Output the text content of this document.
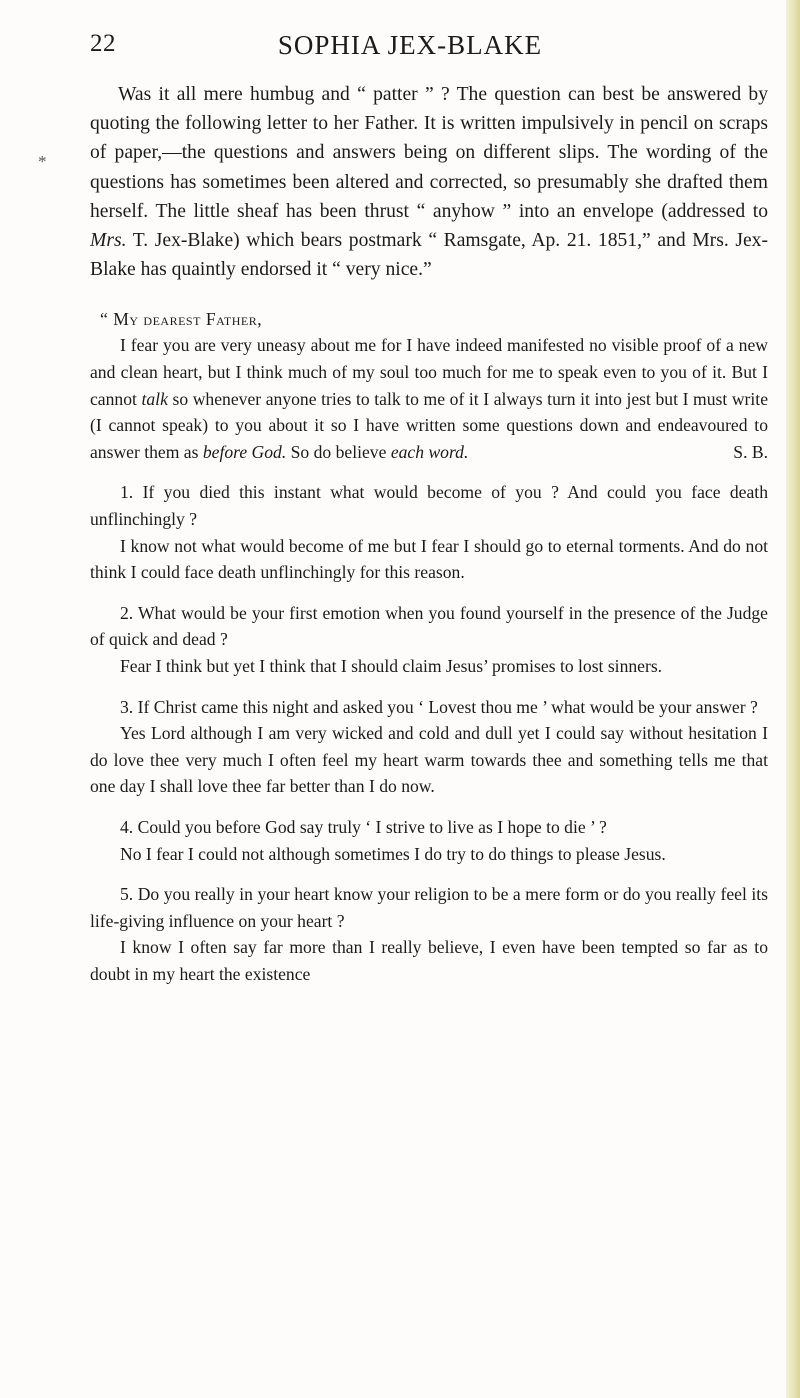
22	SOPHIA JEX-BLAKE
*

Was it all mere humbug and “ patter ” ? The question can best be answered by quoting the following letter to her Father. It is written impulsively in pencil on scraps of paper,—the questions and answers being on different slips. The wording of the questions has sometimes been altered and corrected, so presumably she drafted them herself. The little sheaf has been thrust “ anyhow ” into an envelope (addressed to Mrs. T. Jex-Blake) which bears postmark “ Ramsgate, Ap. 21. 1851,” and Mrs. Jex-Blake has quaintly endorsed it “ very nice.”

“ My dearest Father,

I fear you are very uneasy about me for I have indeed manifested no visible proof of a new and clean heart, but I think much of my soul too much for me to speak even to you of it. But I cannot talk so whenever anyone tries to talk to me of it I always turn it into jest but I must write (I cannot speak) to you about it so I have written some questions down and endeavoured to answer them as before God. So do believe each word.	S. B.

1. If you died this instant what would become of you ? And could you face death unflinchingly ?

I know not what would become of me but I fear I should go to eternal torments. And do not think I could face death unflinchingly for this reason.

2. What would be your first emotion when you found yourself in the presence of the Judge of quick and dead ?

Fear I think but yet I think that I should claim Jesus’ promises to lost sinners.

3. If Christ came this night and asked you ‘ Lovest thou me ’ what would be your answer ?

Yes Lord although I am very wicked and cold and dull yet I could say without hesitation I do love thee very much I often feel my heart warm towards thee and something tells me that one day I shall love thee far better than I do now.

4. Could you before God say truly ‘ I strive to live as I hope to die ’ ?

No I fear I could not although sometimes I do try to do things to please Jesus.

5. Do you really in your heart know your religion to be a mere form or do you really feel its life-giving influence on your heart ?

I know I often say far more than I really believe, I even have been tempted so far as to doubt in my heart the existence
